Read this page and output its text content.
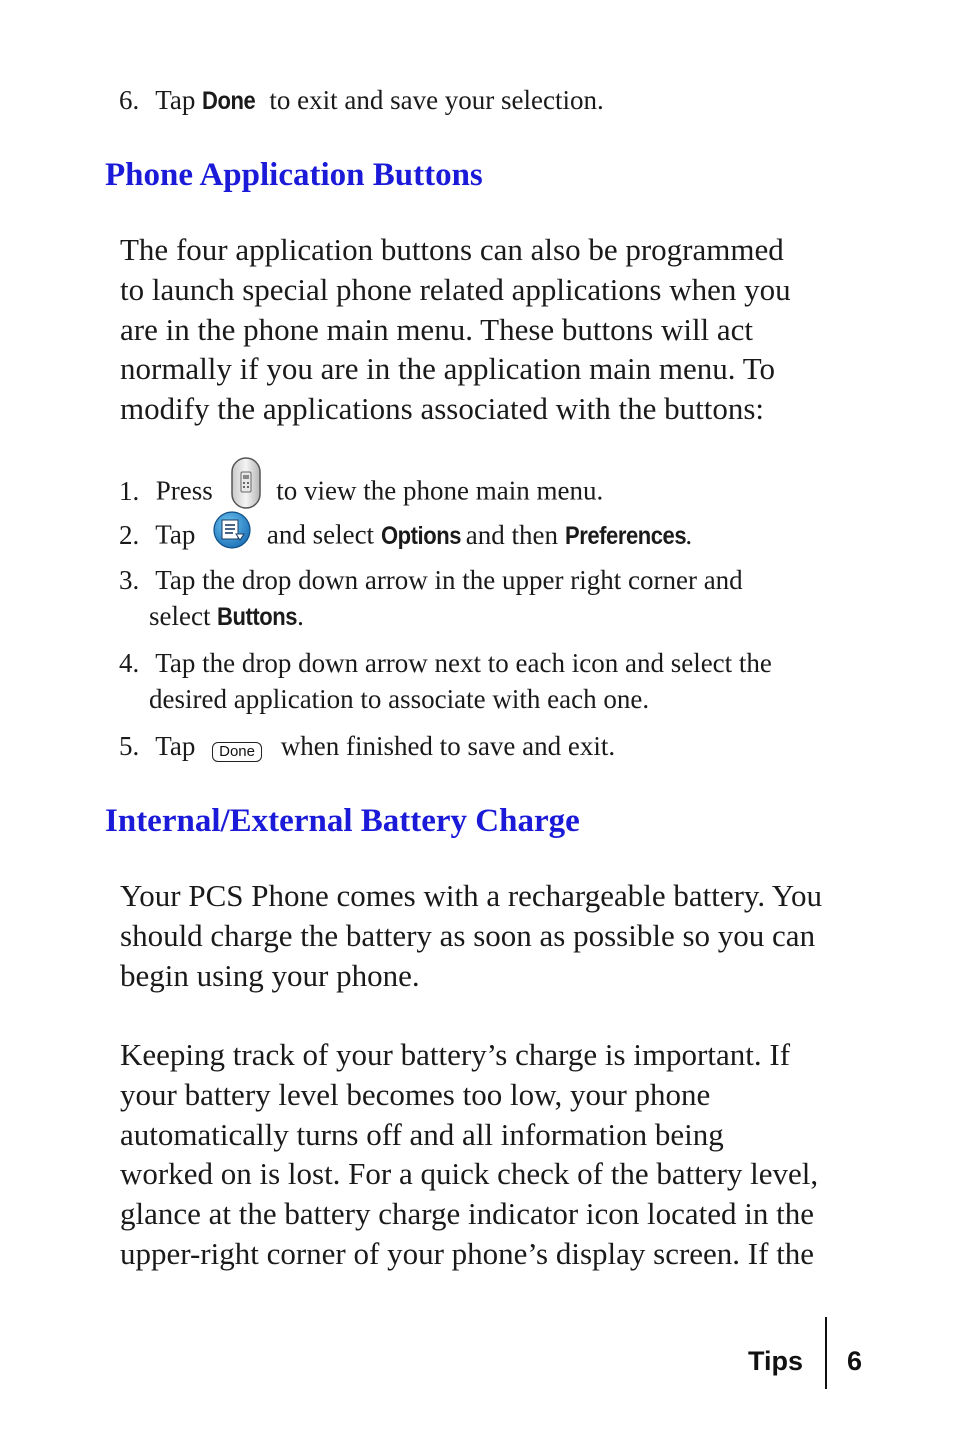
6. Tap Done to exit and save your selection.
Phone Application Buttons
The four application buttons can also be programmed
to launch special phone related applications when you
are in the phone main menu. These buttons will act
normally if you are in the application main menu. To
modify the applications associated with the buttons:
1. Press to view the phone main menu.
2. Tap	and select Options and then Preferences.
3. Tap the drop down arrow in the upper right corner and
select Buttons.
4. Tap the drop down arrow next to each icon and select the
desired application to associate with each one.
5. Tap Done when finished to save and exit.
Internal/External Battery Charge
Your PCS Phone comes with a rechargeable battery. You
should charge the battery as soon as possible so you can
begin using your phone.
Keeping track of your battery’s charge is important. If
your battery level becomes too low, your phone
automatically turns off and all information being
worked on is lost. For a quick check of the battery level,
glance at the battery charge indicator icon located in the
upper-right corner of your phone’s display screen. If the
Tips 6
